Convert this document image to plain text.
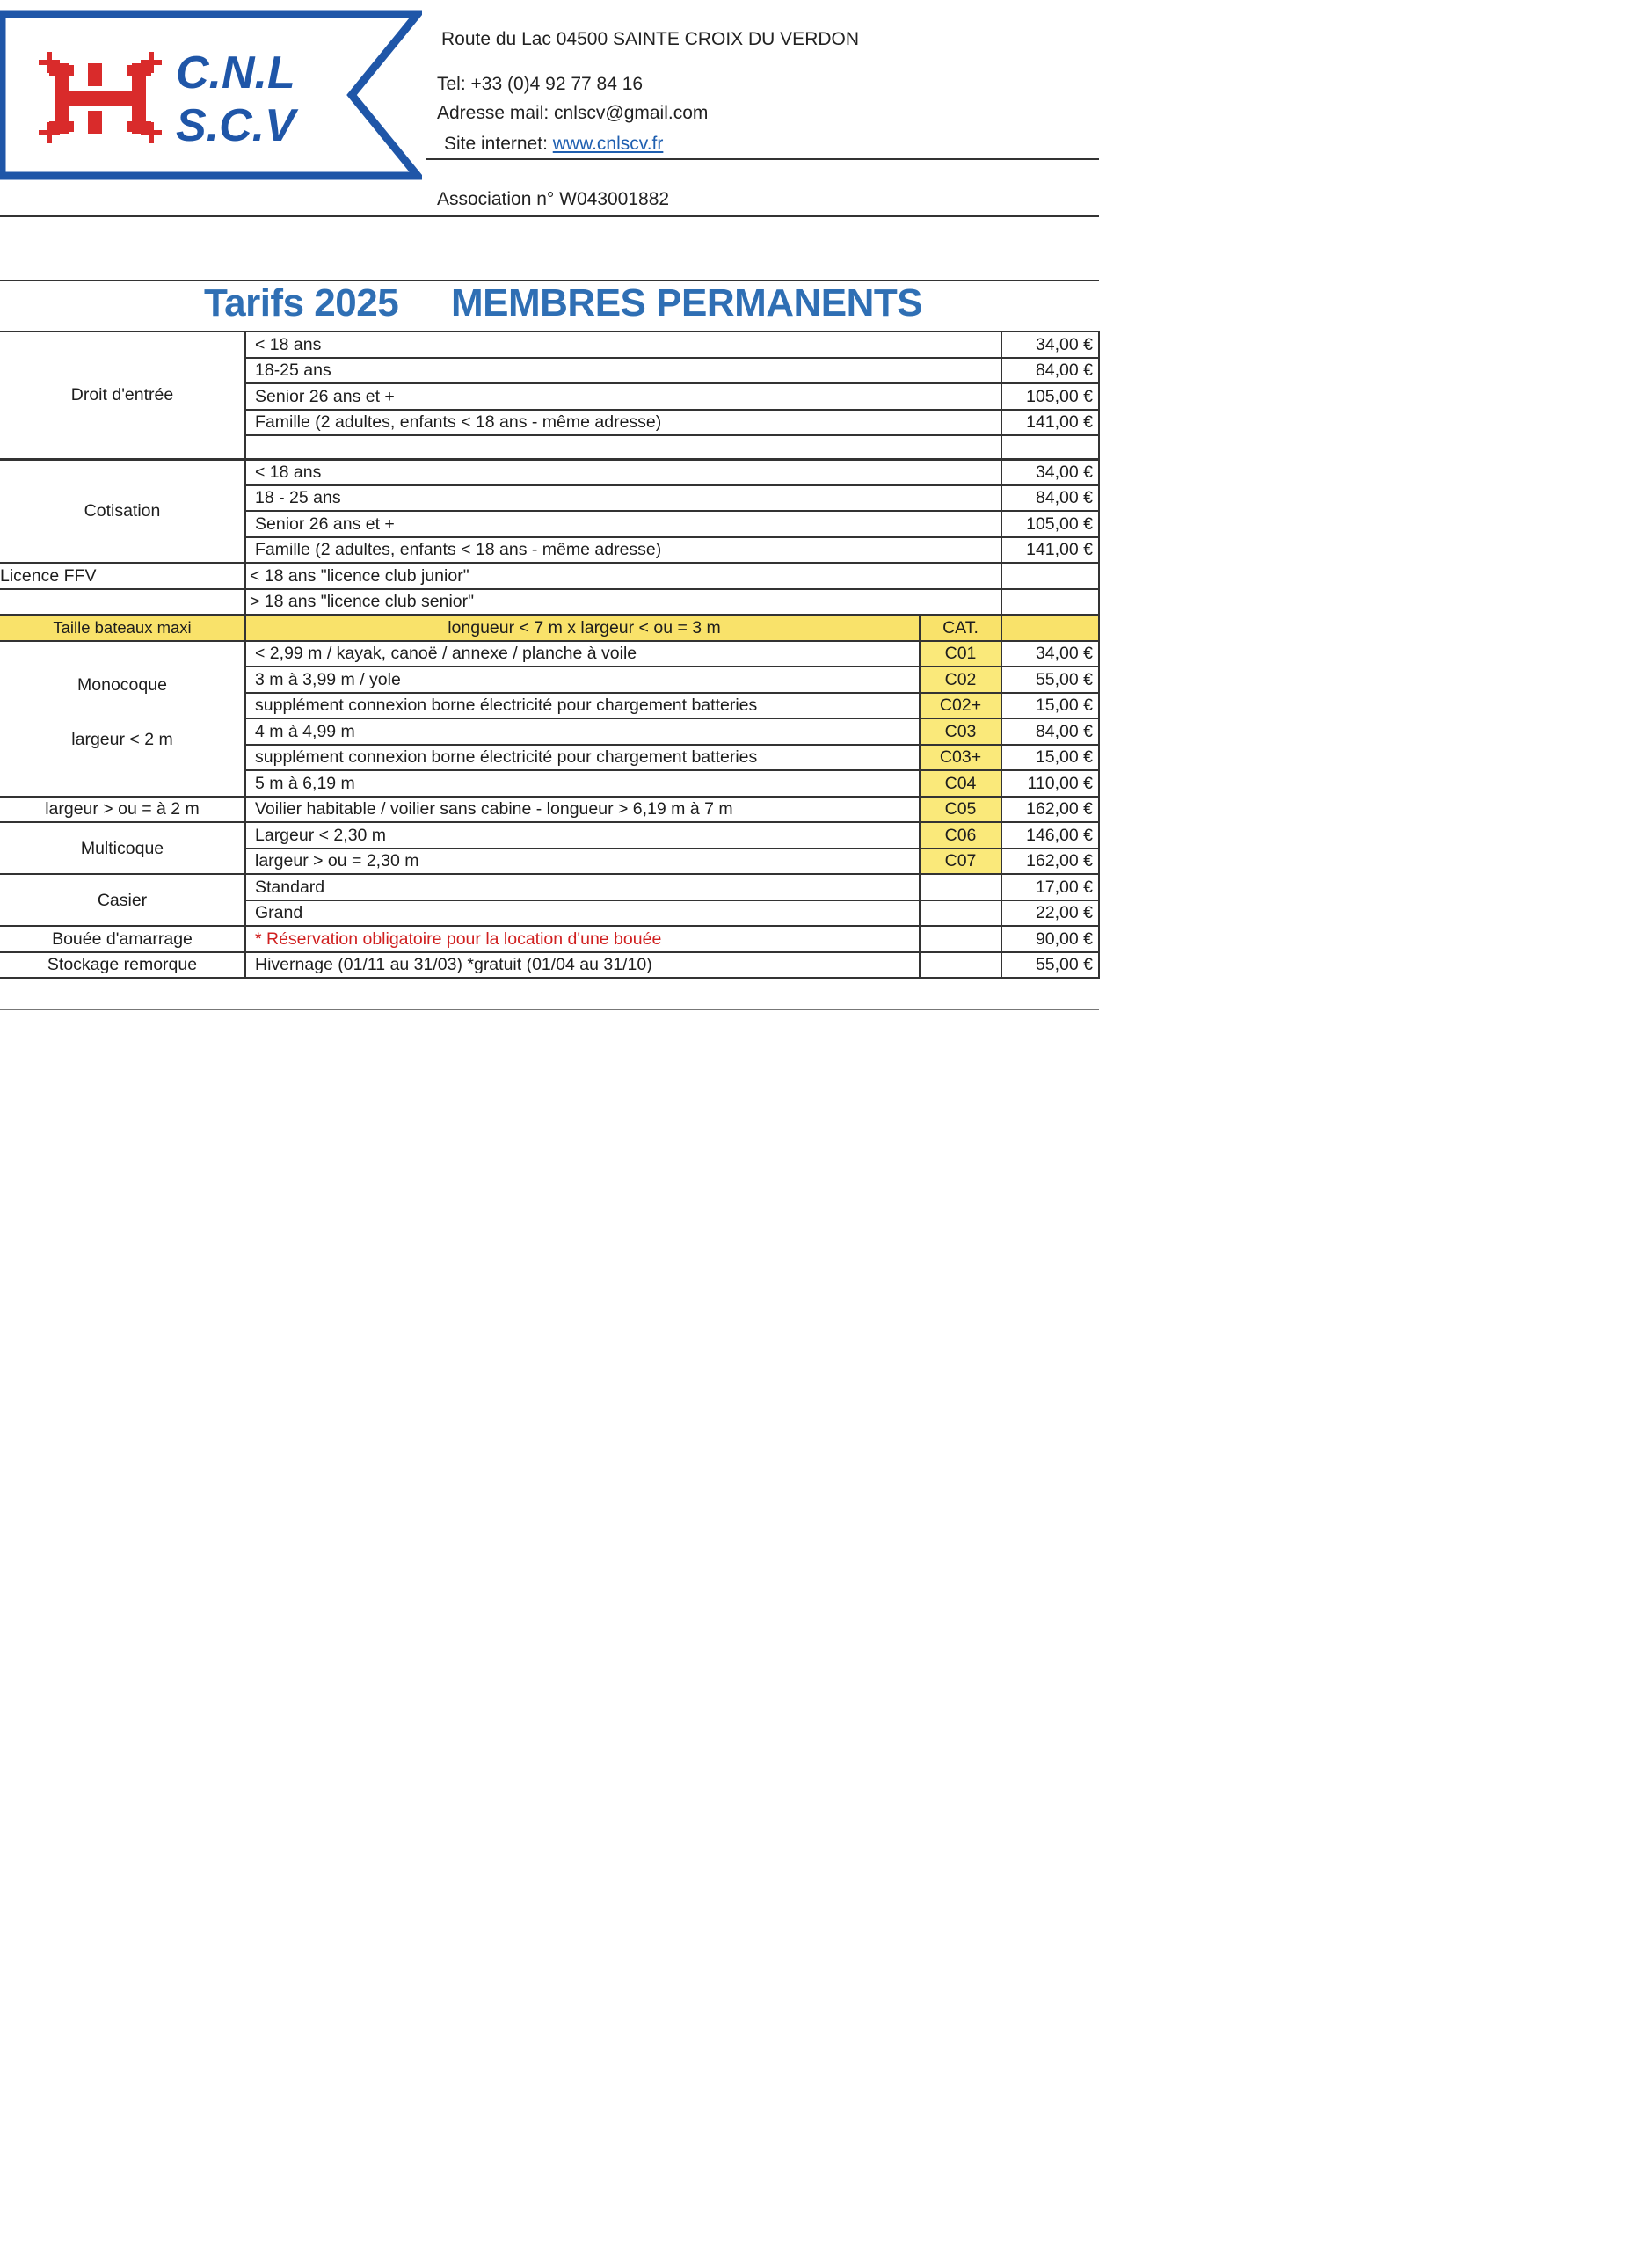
C.N.L
S.C.V
Route du Lac 04500 SAINTE CROIX DU VERDON
Tel: +33 (0)4 92 77 84 16
Adresse mail: cnlscv@gmail.com
Site internet: www.cnlscv.fr
Association n° W043001882
Tarifs 2025 MEMBRES PERMANENTS
Droit d'entrée	< 18 ans		34,00 €
	18-25 ans		84,00 €
	Senior 26 ans et +		105,00 €
	Famille (2 adultes, enfants < 18 ans - même adresse)		141,00 €

Cotisation	< 18 ans		34,00 €
	18 - 25 ans		84,00 €
	Senior 26 ans et +		105,00 €
	Famille (2 adultes, enfants < 18 ans - même adresse)		141,00 €
Licence FFV	< 18 ans "licence club junior"		
	> 18 ans "licence club senior"		
Taille bateaux maxi	longueur < 7 m x largeur < ou = 3 m	CAT.	

Monocoque
largeur < 2 m	< 2,99 m / kayak, canoë / annexe / planche à voile	C01	34,00 €
	3 m à 3,99 m / yole	C02	55,00 €
	supplément connexion borne électricité pour chargement batteries	C02+	15,00 €
	4 m à 4,99 m	C03	84,00 €
	supplément connexion borne électricité pour chargement batteries	C03+	15,00 €
	5 m à 6,19 m	C04	110,00 €
largeur > ou = à 2 m	Voilier habitable / voilier sans cabine - longueur > 6,19 m à 7 m	C05	162,00 €
Multicoque	Largeur < 2,30 m	C06	146,00 €
	largeur > ou = 2,30 m	C07	162,00 €
Casier	Standard		17,00 €
	Grand		22,00 €
Bouée d'amarrage	* Réservation obligatoire pour la location d'une bouée		90,00 €
Stockage remorque	Hivernage (01/11 au 31/03) *gratuit (01/04 au 31/10)		55,00 €
